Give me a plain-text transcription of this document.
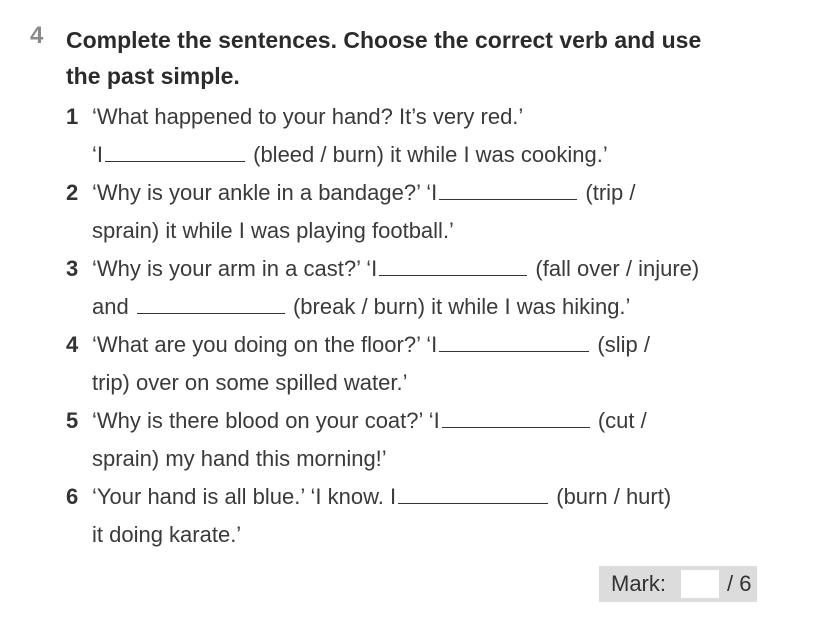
4 Complete the sentences. Choose the correct verb and use
the past simple.
1 ‘What happened to your hand? It’s very red.’
‘I	(bleed / burn) it while I was cooking.’
2 ‘Why is your ankle in a bandage?’ ‘I	(trip /
sprain) it while I was playing football.’
3 ‘Why is your arm in a cast?’ ‘I	(fall over / injure)
and	(break / burn) it while I was hiking.’
4 ‘What are you doing on the floor?’ ‘I	(slip /
trip) over on some spilled water.’
5 ‘Why is there blood on your coat?’ ‘I	(cut /
sprain) my hand this morning!’
6 ‘Your hand is all blue.’ ‘I know. I	(burn / hurt)
it doing karate.’
Mark:	/ 6
